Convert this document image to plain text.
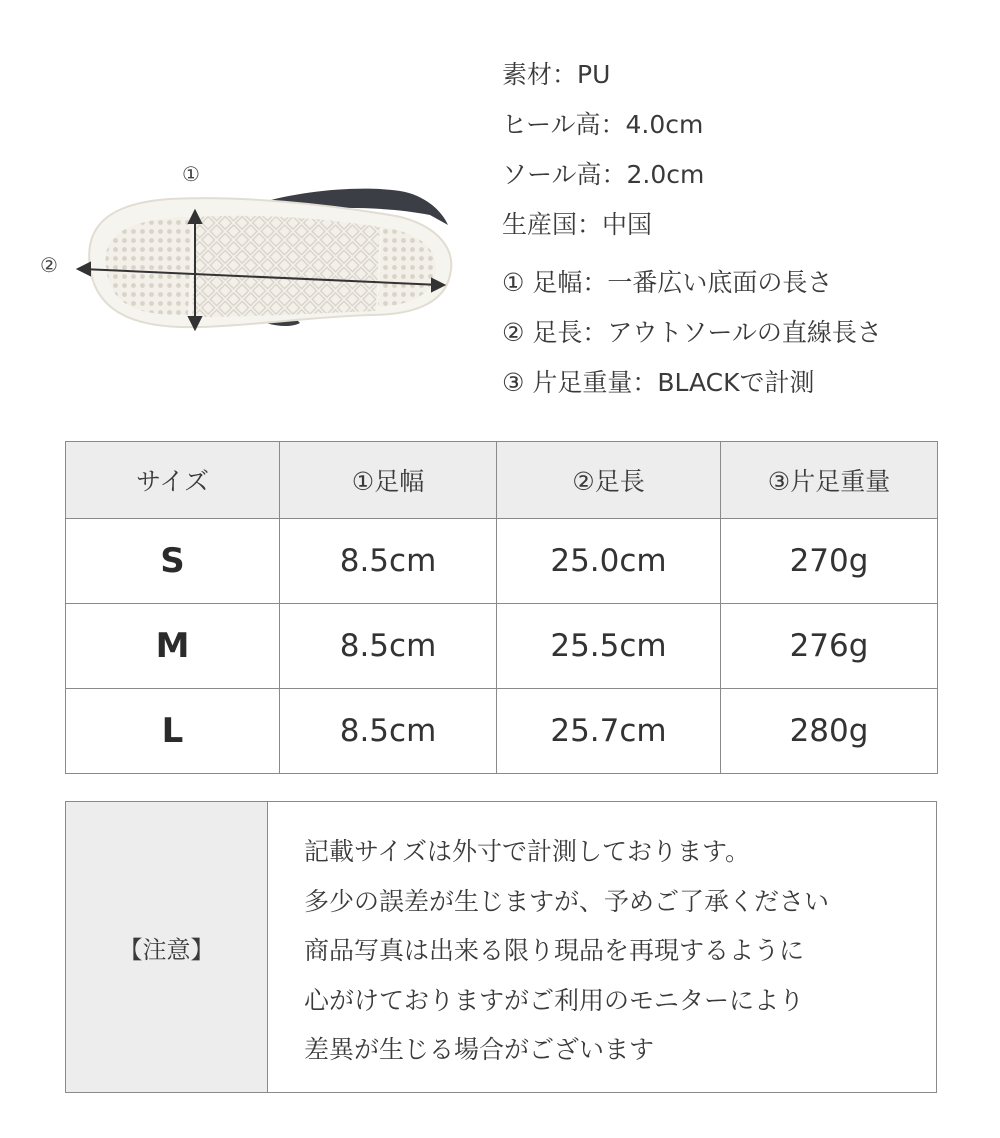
①
②
素材：PU
ヒール高：4.0cm
ソール高：2.0cm
生産国：中国
① 足幅：一番広い底面の長さ
② 足長：アウトソールの直線長さ
③ 片足重量：BLACKで計測
サイズ	①足幅	②足長	③片足重量
S	8.5cm	25.0cm	270g
M	8.5cm	25.5cm	276g
L	8.5cm	25.7cm	280g
【注意】	
記載サイズは外寸で計測しております。
多少の誤差が生じますが、予めご了承ください
商品写真は出来る限り現品を再現するように
心がけておりますがご利用のモニターにより
差異が生じる場合がございます
